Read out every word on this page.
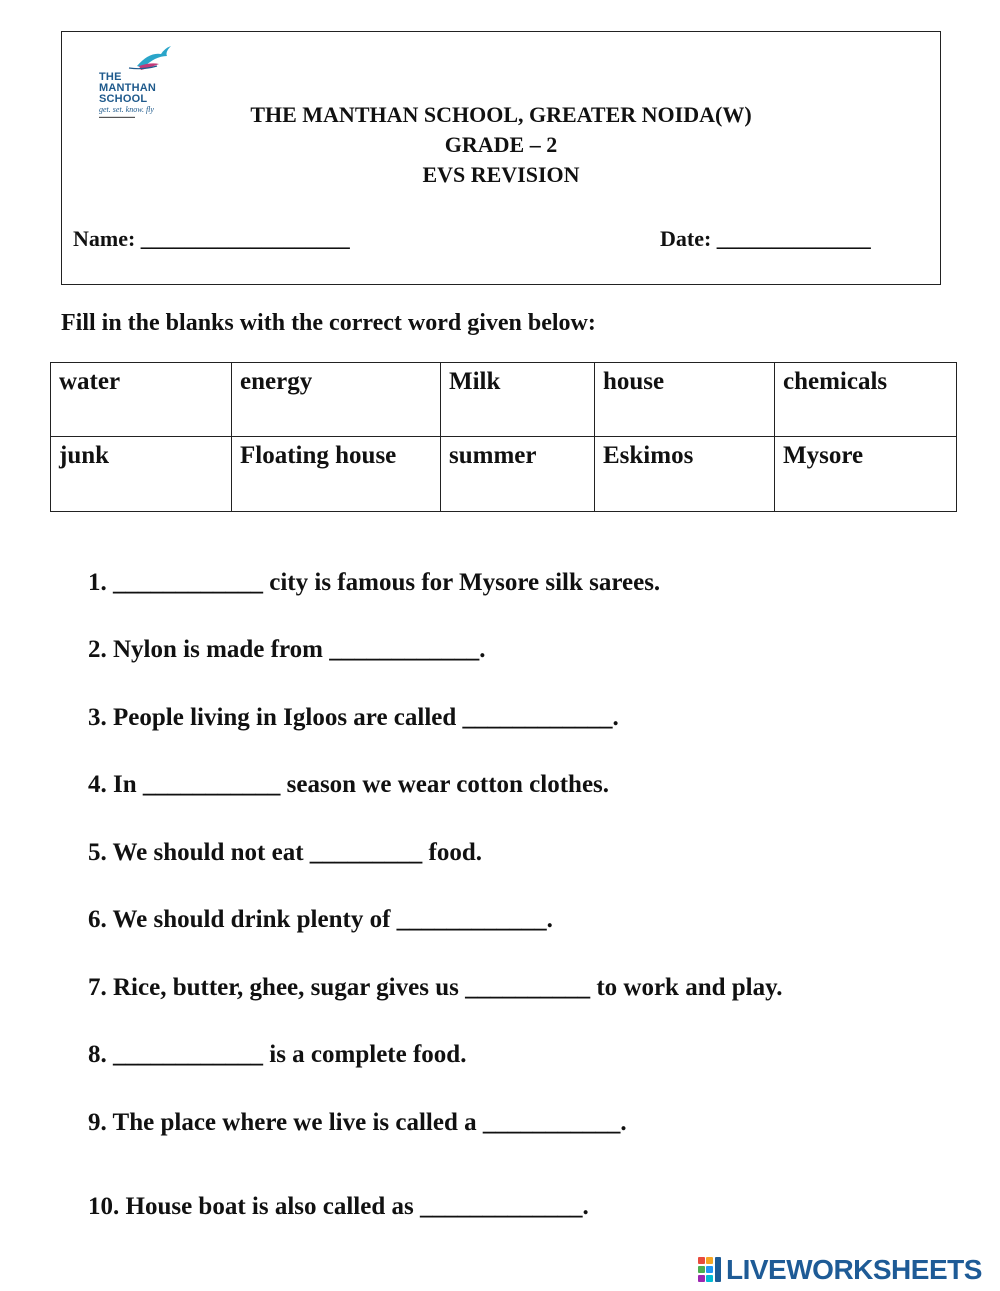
THE
MANTHAN
SCHOOL
get. set. know. fly
▬▬▬▬▬▬▬▬▬	THE MANTHAN SCHOOL, GREATER NOIDA(W)
GRADE – 2
EVS REVISION
Name: ___________________	Date: ______________
Fill in the blanks with the correct word given below:
water	energy	Milk	house	chemicals
junk	Floating house	summer	Eskimos	Mysore
1. ____________ city is famous for Mysore silk sarees.
2. Nylon is made from ____________.
3. People living in Igloos are called ____________.
4. In ___________ season we wear cotton clothes.
5. We should not eat _________ food.
6. We should drink plenty of ____________.
7. Rice, butter, ghee, sugar gives us __________ to work and play.
8. ____________ is a complete food.
9. The place where we live is called a ___________.
10. House boat is also called as _____________.
LIVEWORKSHEETS
